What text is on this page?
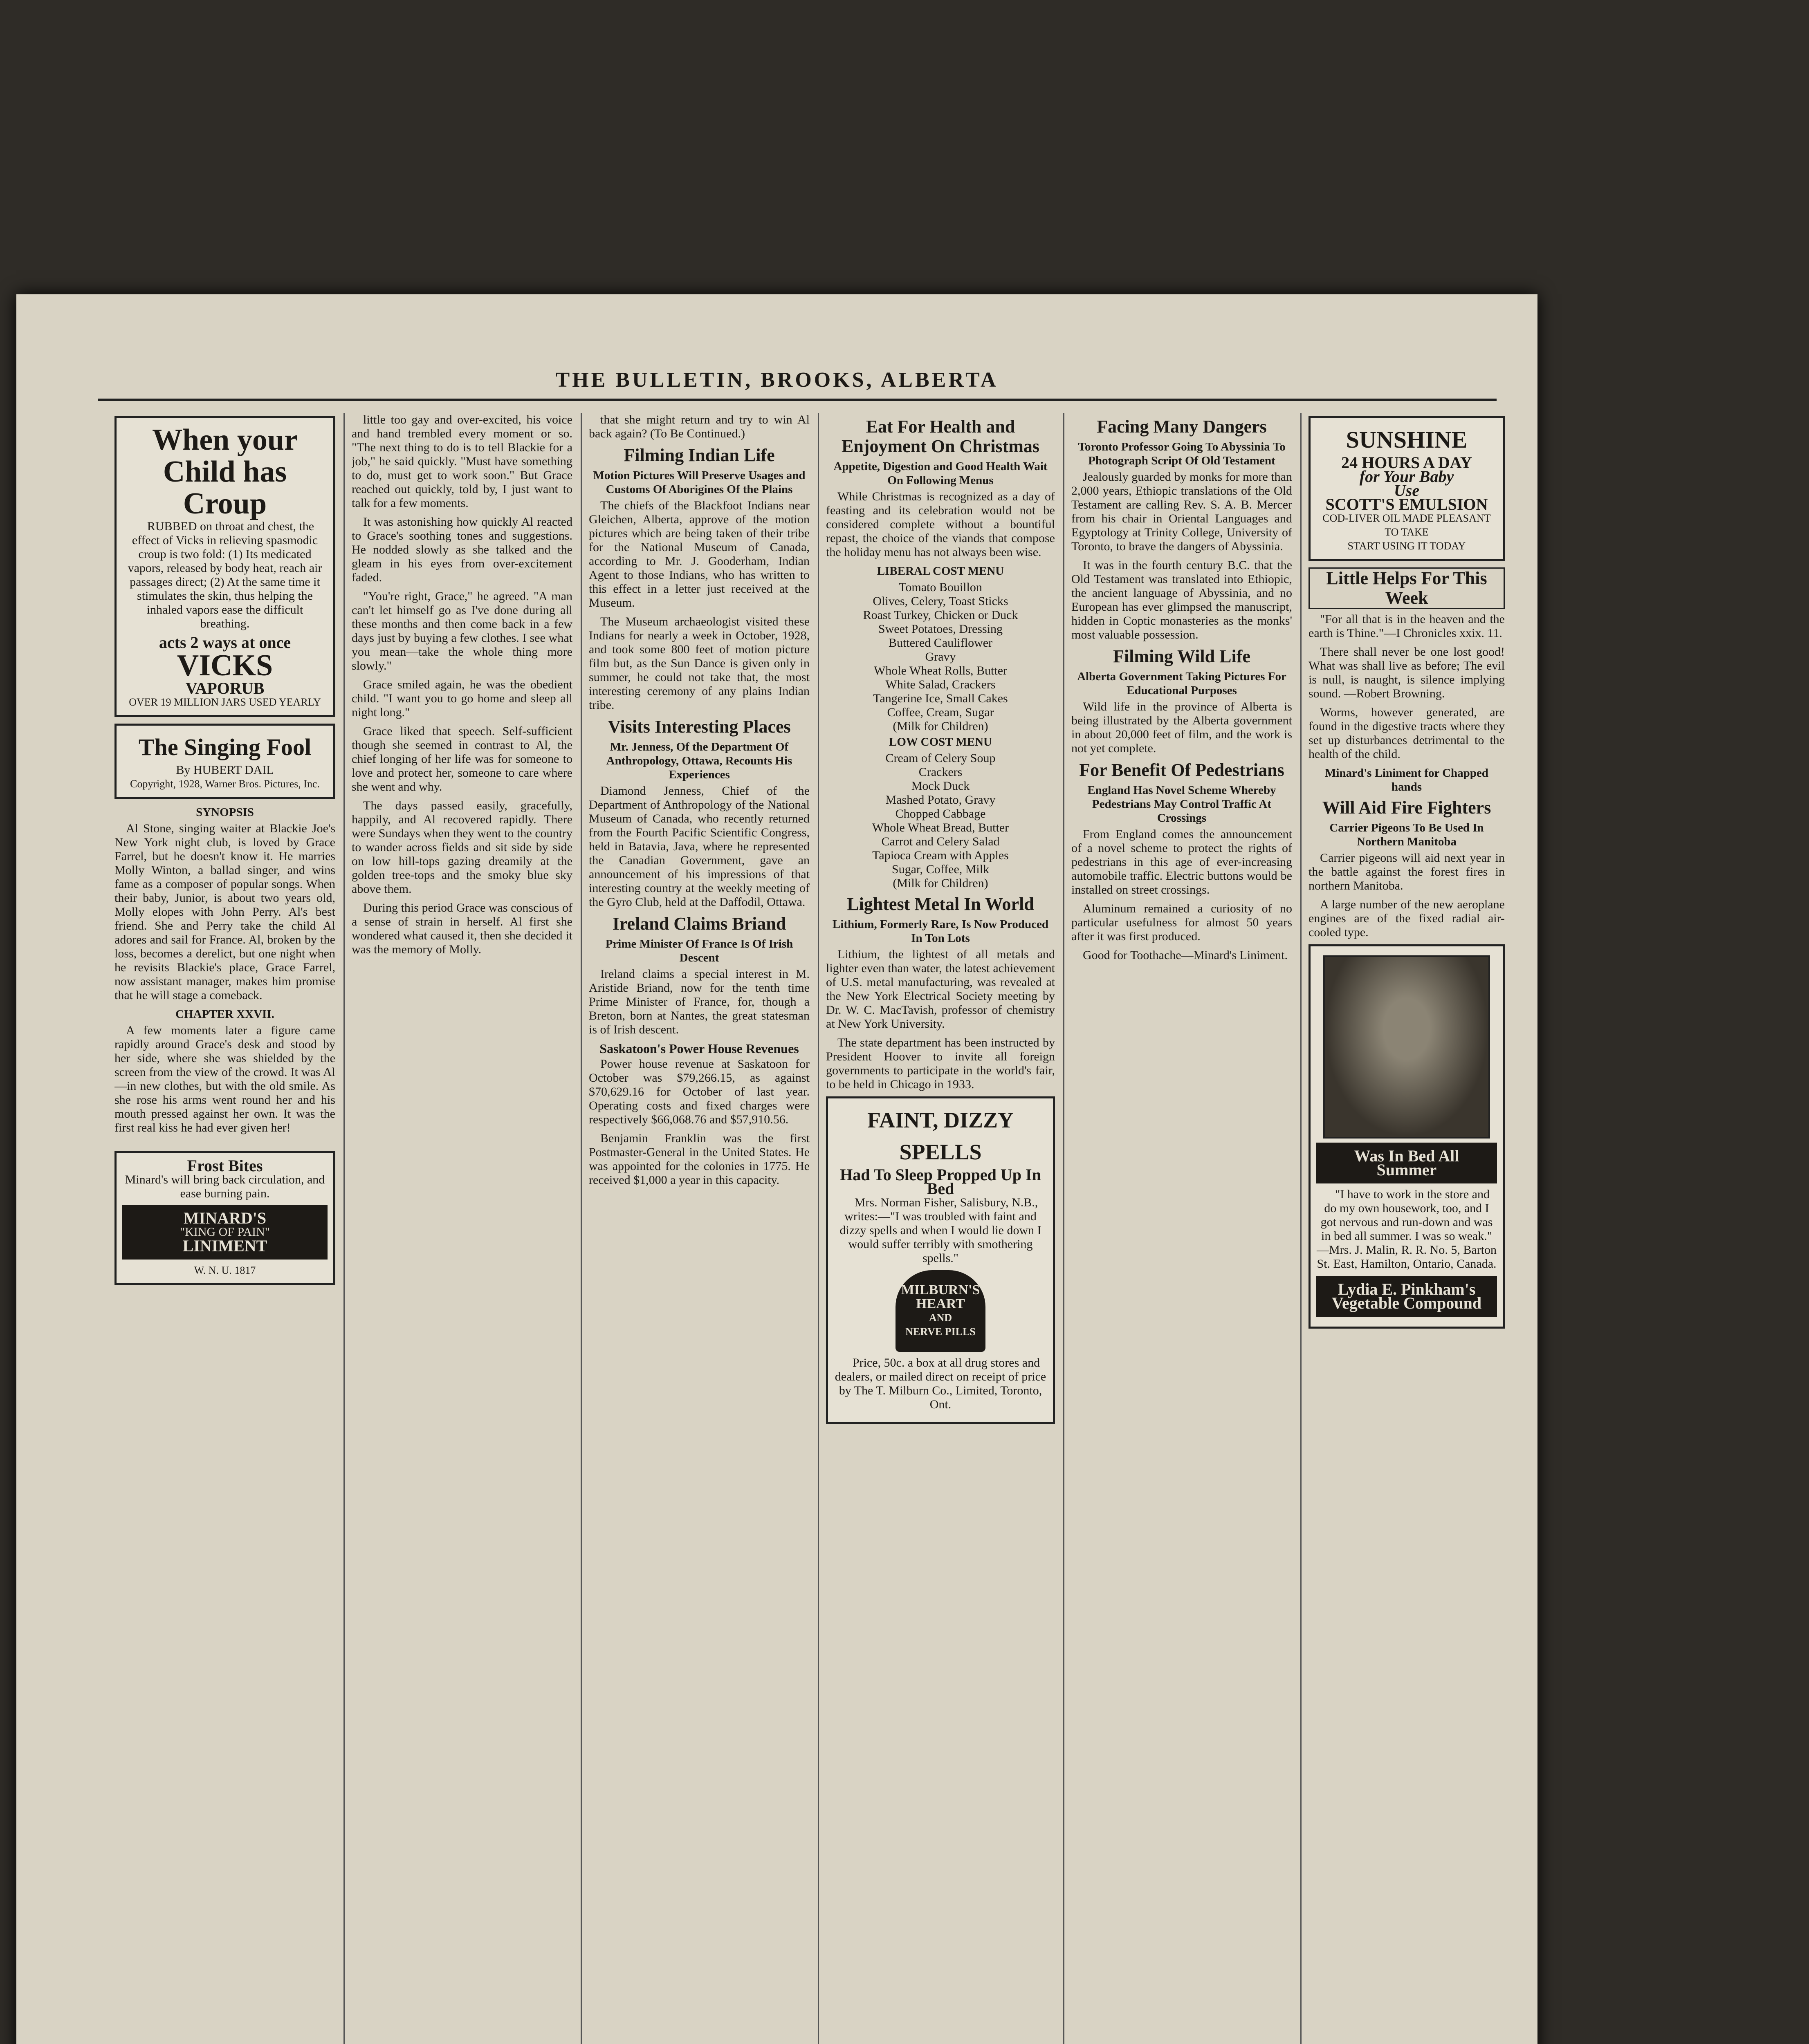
THE BULLETIN, BROOKS, ALBERTA
When your Child has Croup

RUBBED on throat and chest, the effect of Vicks in relieving spasmodic croup is two fold: (1) Its medicated vapors, released by body heat, reach air passages direct; (2) At the same time it stimulates the skin, thus helping the inhaled vapors ease the difficult breathing.

acts 2 ways at once
VICKS
VAPORUB
OVER 19 MILLION JARS USED YEARLY
The Singing Fool
By HUBERT DAIL
Copyright, 1928, Warner Bros. Pictures, Inc.
SYNOPSIS

Al Stone, singing waiter at Blackie Joe's New York night club, is loved by Grace Farrel, but he doesn't know it. He marries Molly Winton, a ballad singer, and wins fame as a composer of popular songs. When their baby, Junior, is about two years old, Molly elopes with John Perry. Al's best friend. She and Perry take the child Al adores and sail for France. Al, broken by the loss, becomes a derelict, but one night when he revisits Blackie's place, Grace Farrel, now assistant manager, makes him promise that he will stage a comeback.

CHAPTER XXVII.

A few moments later a figure came rapidly around Grace's desk and stood by her side, where she was shielded by the screen from the view of the crowd. It was Al—in new clothes, but with the old smile. As she rose his arms went round her and his mouth pressed against her own. It was the first real kiss he had ever given her!

Frost Bites
Minard's will bring back circulation, and ease burning pain.
MINARD'S
"KING OF PAIN"
LINIMENT
W. N. U. 1817

little too gay and over-excited, his voice and hand trembled every moment or so. "The next thing to do is to tell Blackie for a job," he said quickly. "Must have something to do, must get to work soon." But Grace reached out quickly, told by, I just want to talk for a few moments.

It was astonishing how quickly Al reacted to Grace's soothing tones and suggestions. He nodded slowly as she talked and the gleam in his eyes from over-excitement faded.

"You're right, Grace," he agreed. "A man can't let himself go as I've done during all these months and then come back in a few days just by buying a few clothes. I see what you mean—take the whole thing more slowly."

Grace smiled again, he was the obedient child. "I want you to go home and sleep all night long."

Grace liked that speech. Self-sufficient though she seemed in contrast to Al, the chief longing of her life was for someone to love and protect her, someone to care where she went and why.

The days passed easily, gracefully, happily, and Al recovered rapidly. There were Sundays when they went to the country to wander across fields and sit side by side on low hill-tops gazing dreamily at the golden tree-tops and the smoky blue sky above them.

During this period Grace was conscious of a sense of strain in herself. Al first she wondered what caused it, then she decided it was the memory of Molly.

that she might return and try to win Al back again? (To Be Continued.)

Filming Indian Life
Motion Pictures Will Preserve Usages and Customs Of Aborigines Of the Plains

The chiefs of the Blackfoot Indians near Gleichen, Alberta, approve of the motion pictures which are being taken of their tribe for the National Museum of Canada, according to Mr. J. Gooderham, Indian Agent to those Indians, who has written to this effect in a letter just received at the Museum.

The Museum archaeologist visited these Indians for nearly a week in October, 1928, and took some 800 feet of motion picture film but, as the Sun Dance is given only in summer, he could not take that, the most interesting ceremony of any plains Indian tribe.

Visits Interesting Places
Mr. Jenness, Of the Department Of Anthropology, Ottawa, Recounts His Experiences

Diamond Jenness, Chief of the Department of Anthropology of the National Museum of Canada, who recently returned from the Fourth Pacific Scientific Congress, held in Batavia, Java, where he represented the Canadian Government, gave an announcement of his impressions of that interesting country at the weekly meeting of the Gyro Club, held at the Daffodil, Ottawa.

Ireland Claims Briand
Prime Minister Of France Is Of Irish Descent

Ireland claims a special interest in M. Aristide Briand, now for the tenth time Prime Minister of France, for, though a Breton, born at Nantes, the great statesman is of Irish descent.

Saskatoon's Power House Revenues

Power house revenue at Saskatoon for October was $79,266.15, as against $70,629.16 for October of last year. Operating costs and fixed charges were respectively $66,068.76 and $57,910.56.

Benjamin Franklin was the first Postmaster-General in the United States. He was appointed for the colonies in 1775. He received $1,000 a year in this capacity.

Eat For Health and Enjoyment On Christmas
Appetite, Digestion and Good Health Wait On Following Menus

While Christmas is recognized as a day of feasting and its celebration would not be considered complete without a bountiful repast, the choice of the viands that compose the holiday menu has not always been wise.

LIBERAL COST MENU
Tomato Bouillon
Olives, Celery, Toast Sticks
Roast Turkey, Chicken or Duck
Sweet Potatoes, Dressing
Buttered Cauliflower
Gravy
Whole Wheat Rolls, Butter
White Salad, Crackers
Tangerine Ice, Small Cakes
Coffee, Cream, Sugar
(Milk for Children)
LOW COST MENU
Cream of Celery Soup
Crackers
Mock Duck
Mashed Potato, Gravy
Chopped Cabbage
Whole Wheat Bread, Butter
Carrot and Celery Salad
Tapioca Cream with Apples
Sugar, Coffee, Milk
(Milk for Children)
Lightest Metal In World
Lithium, Formerly Rare, Is Now Produced In Ton Lots

Lithium, the lightest of all metals and lighter even than water, the latest achievement of U.S. metal manufacturing, was revealed at the New York Electrical Society meeting by Dr. W. C. MacTavish, professor of chemistry at New York University.

The state department has been instructed by President Hoover to invite all foreign governments to participate in the world's fair, to be held in Chicago in 1933.

FAINT, DIZZY SPELLS
Had To Sleep Propped Up In Bed

Mrs. Norman Fisher, Salisbury, N.B., writes:—"I was troubled with faint and dizzy spells and when I would lie down I would suffer terribly with smothering spells."

MILBURN'S
HEART
AND
NERVE PILLS

Price, 50c. a box at all drug stores and dealers, or mailed direct on receipt of price by The T. Milburn Co., Limited, Toronto, Ont.

Facing Many Dangers
Toronto Professor Going To Abyssinia To Photograph Script Of Old Testament

Jealously guarded by monks for more than 2,000 years, Ethiopic translations of the Old Testament are calling Rev. S. A. B. Mercer from his chair in Oriental Languages and Egyptology at Trinity College, University of Toronto, to brave the dangers of Abyssinia.

It was in the fourth century B.C. that the Old Testament was translated into Ethiopic, the ancient language of Abyssinia, and no European has ever glimpsed the manuscript, hidden in Coptic monasteries as the monks' most valuable possession.

Filming Wild Life
Alberta Government Taking Pictures For Educational Purposes

Wild life in the province of Alberta is being illustrated by the Alberta government in about 20,000 feet of film, and the work is not yet complete.

For Benefit Of Pedestrians
England Has Novel Scheme Whereby Pedestrians May Control Traffic At Crossings

From England comes the announcement of a novel scheme to protect the rights of pedestrians in this age of ever-increasing automobile traffic. Electric buttons would be installed on street crossings.

Aluminum remained a curiosity of no particular usefulness for almost 50 years after it was first produced.

Good for Toothache—Minard's Liniment.

SUNSHINE
24 HOURS A DAY
for Your Baby
Use
SCOTT'S EMULSION
COD-LIVER OIL MADE PLEASANT TO TAKE
START USING IT TODAY
Little Helps For This Week

"For all that is in the heaven and the earth is Thine."—I Chronicles xxix. 11.

There shall never be one lost good! What was shall live as before; The evil is null, is naught, is silence implying sound. —Robert Browning.

Worms, however generated, are found in the digestive tracts where they set up disturbances detrimental to the health of the child.

Minard's Liniment for Chapped hands
Will Aid Fire Fighters
Carrier Pigeons To Be Used In Northern Manitoba

Carrier pigeons will aid next year in the battle against the forest fires in northern Manitoba.

A large number of the new aeroplane engines are of the fixed radial air-cooled type.

Was In Bed All Summer

"I have to work in the store and do my own housework, too, and I got nervous and run-down and was in bed all summer. I was so weak." —Mrs. J. Malin, R. R. No. 5, Barton St. East, Hamilton, Ontario, Canada.

Lydia E. Pinkham's Vegetable Compound
